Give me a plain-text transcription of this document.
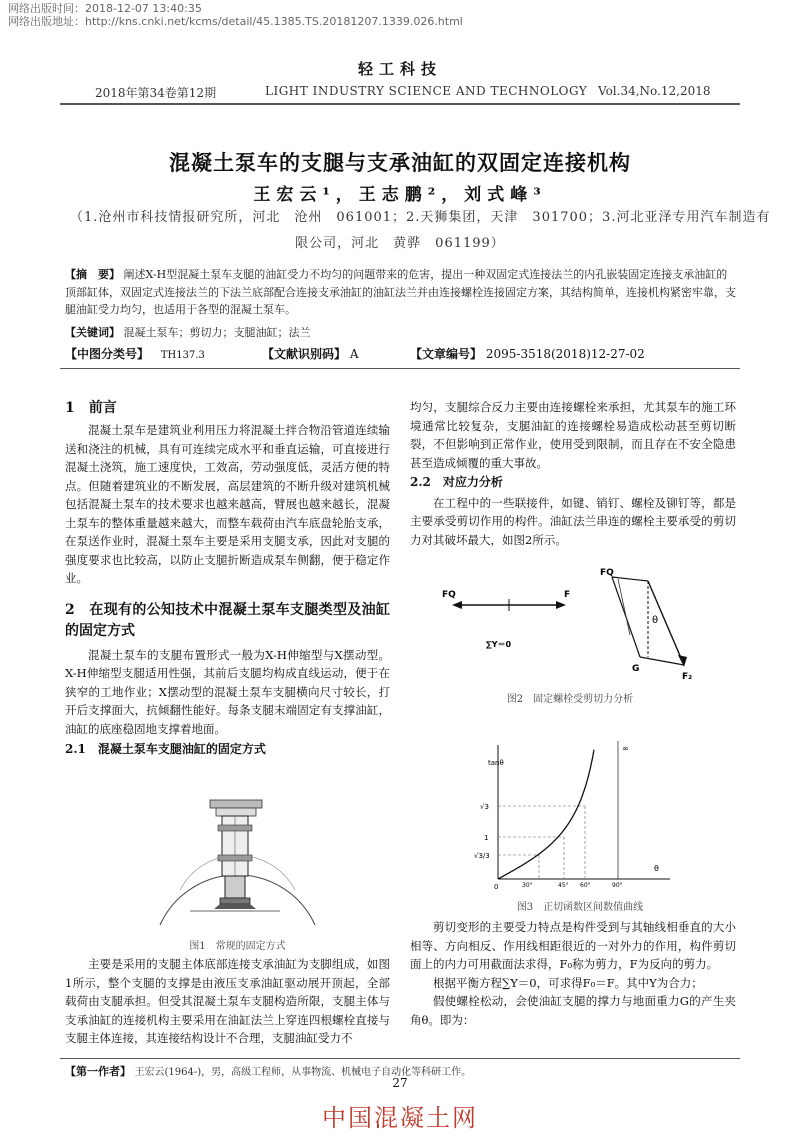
网络出版时间：2018-12-07 13:40:35
网络出版地址：http://kns.cnki.net/kcms/detail/45.1385.TS.20181207.1339.026.html
轻工科技
2018年第34卷第12期	LIGHT INDUSTRY SCIENCE AND TECHNOLOGY Vol.34,No.12,2018
混凝土泵车的支腿与支承油缸的双固定连接机构
王宏云¹，王志鹏²，刘式峰³
（1.沧州市科技情报研究所，河北　沧州　061001；2.天狮集团，天津　301700；3.河北亚泽专用汽车制造有
限公司，河北　黄骅　061199）
【摘　要】 阐述X-H型混凝土泵车支腿的油缸受力不均匀的问题带来的危害，提出一种双固定式连接法兰的内孔嵌装固定连接支承油缸的顶部缸体，双固定式连接法兰的下法兰底部配合连接支承油缸的油缸法兰并由连接螺栓连接固定方案，其结构简单，连接机构紧密牢靠，支腿油缸受力均匀，也适用于各型的混凝土泵车。
【关键词】 混凝土泵车；剪切力；支腿油缸；法兰
【中图分类号】 TH137.3	【文献识别码】 A	【文章编号】 2095-3518(2018)12-27-02
1　前言

混凝土泵车是建筑业利用压力将混凝土拌合物沿管道连续输送和浇注的机械，具有可连续完成水平和垂直运输，可直接进行混凝土浇筑，施工速度快，工效高，劳动强度低，灵活方便的特点。但随着建筑业的不断发展，高层建筑的不断升级对建筑机械包括混凝土泵车的技术要求也越来越高，臂展也越来越长，混凝土泵车的整体重量越来越大，而整车载荷由汽车底盘轮胎支承，在泵送作业时，混凝土泵车主要是采用支腿支承，因此对支腿的强度要求也比较高，以防止支腿折断造成泵车侧翻，便于稳定作业。

2　在现有的公知技术中混凝土泵车支腿类型及油缸的固定方式

混凝土泵车的支腿布置形式一般为X-H伸缩型与X摆动型。X-H伸缩型支腿适用性强，其前后支腿均构成直线运动，便于在狭窄的工地作业；X摆动型的混凝土泵车支腿横向尺寸较长，打开后支撑面大，抗倾翻性能好。每条支腿末端固定有支撑油缸，油缸的底座稳固地支撑着地面。

2.1　混凝土泵车支腿油缸的固定方式
图1　常规的固定方式

主要是采用的支腿主体底部连接支承油缸为支脚组成，如图1所示，整个支腿的支撑是由液压支承油缸驱动展开顶起，全部载荷由支腿承担。但受其混凝土泵车支腿构造所限，支腿主体与支承油缸的连接机构主要采用在油缸法兰上穿连四根螺栓直接与支腿主体连接，其连接结构设计不合理，支腿油缸受力不

均匀，支腿综合反力主要由连接螺栓来承担，尤其泵车的施工环境通常比较复杂，支腿油缸的连接螺栓易造成松动甚至剪切断裂，不但影响到正常作业，使用受到限制，而且存在不安全隐患甚至造成倾覆的重大事故。

2.2　对应力分析

在工程中的一些联接件，如键、销钉、螺栓及铆钉等，都是主要承受剪切作用的构件。油缸法兰串连的螺栓主要承受的剪切力对其破坏最大，如图2所示。

FQ	F
∑Y＝0
FQ
θ
G
F₂
图2　固定螺栓受剪切力分析
tanθ
∞
√3
1
√3/3
0	30°	45° 60°	90°
θ
图3　正切函数区间数值曲线

剪切变形的主要受力特点是构件受到与其轴线相垂直的大小相等、方向相反、作用线相距很近的一对外力的作用，构件剪切面上的内力可用截面法求得，F₀称为剪力，F为反向的剪力。

根据平衡方程∑Y＝0，可求得F₀＝F。其中Y为合力；

假使螺栓松动，会使油缸支腿的撑力与地面重力G的产生夹角θ。即为：

【第一作者】 王宏云(1964-)，男，高级工程师，从事物流、机械电子自动化等科研工作。
27
中国混凝土网
